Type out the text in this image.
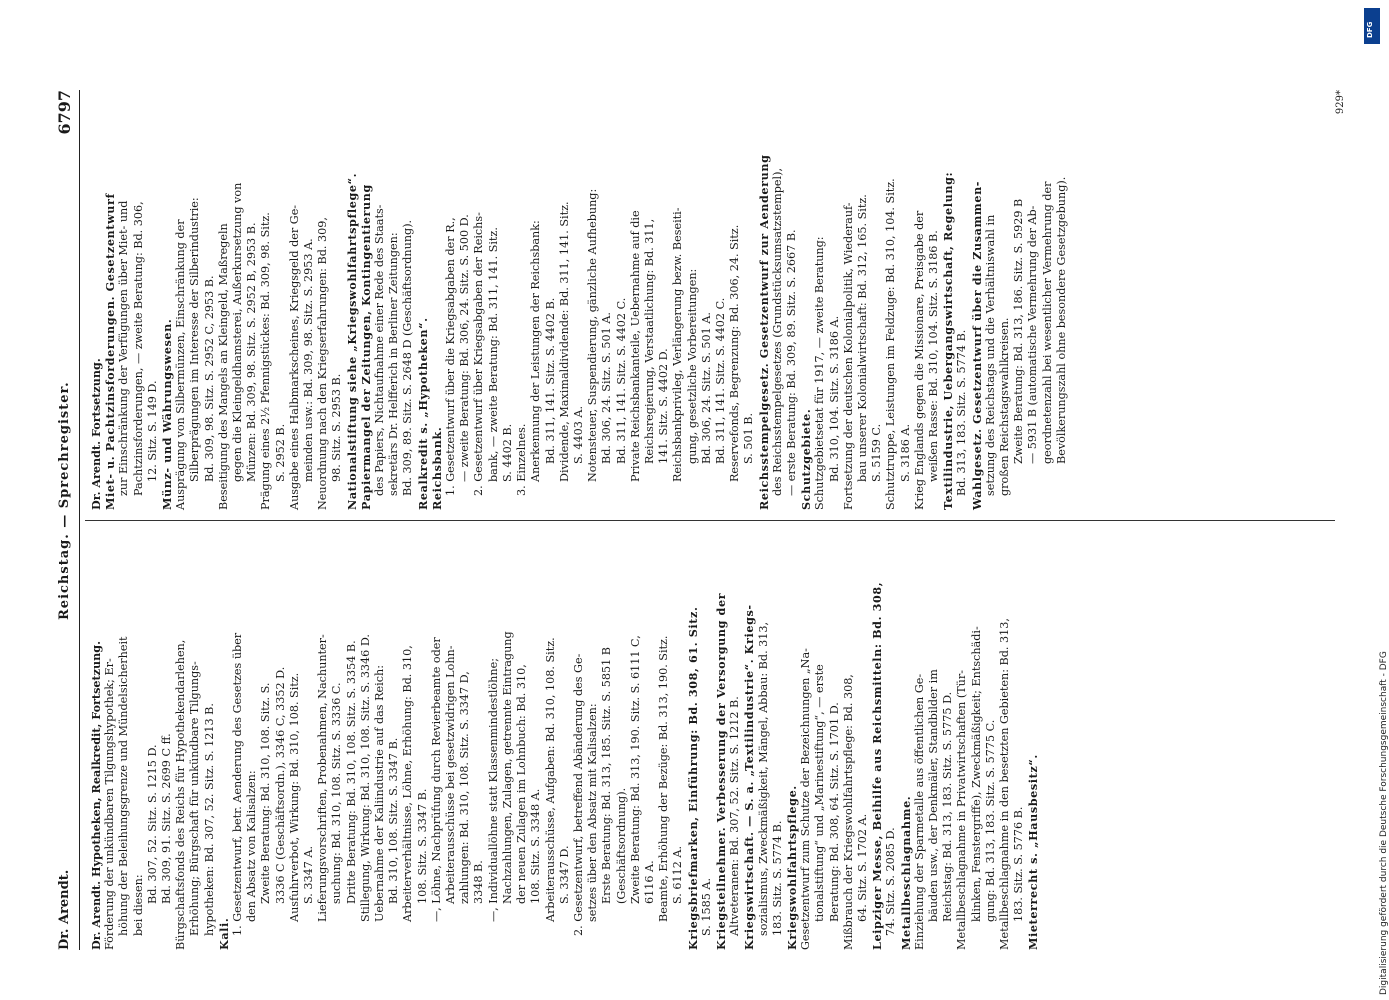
Dr. Arendt.
Reichstag. — Sprechregister.
6797
Dr. Arendt. Hypotheken, Realkredit, Fortsetzung. Förderung der unkündbaren Tilgungshypothek; Er- höhung der Beleihungsgrenze und Mündelsicherheit bei diesen:
Bd. 307, 52. Sitz. S. 1215 D. Bd. 309, 91. Sitz. S. 2699 C ff. Bürgschaftsfonds des Reichs für Hypothekendarlehen, Erhöhung; Bürgschaft für unkündbare Tilgungs- hypotheken: Bd. 307, 52. Sitz. S. 1213 B. Kali. 1. Gesetzentwurf, betr. Aenderung des Gesetzes über den Absatz von Kalisalzen: Zweite Beratung: Bd. 310, 108. Sitz. S. 3336 C (Geschäftsordn.), 3346 C, 3352 D. Ausfuhrverbot, Wirkung: Bd. 310, 108. Sitz. S. 3347 A. Lieferungsvorschriften, Probenahmen, Nachunter- suchung: Bd. 310, 108. Sitz. S. 3336 C. Dritte Beratung: Bd. 310, 108. Sitz. S. 3354 B. Stillegung, Wirkung: Bd. 310, 108. Sitz. S. 3346 D. Uebernahme der Kaliindustrie auf das Reich: Bd. 310, 108. Sitz. S. 3347 B. Arbeiterverhältnisse, Löhne, Erhöhung: Bd. 310, 108. Sitz. S. 3347 B. —, Löhne, Nachprüfung durch Revierbeamte oder Arbeiterausschüsse bei gesetzwidrigen Lohn- zahlungen: Bd. 310, 108. Sitz. S. 3347 D, 3348 B. —, Individuallöhne statt Klassenmindestlöhne; Nachzahlungen, Zulagen, getrennte Eintragung der neuen Zulagen im Lohnbuch: Bd. 310, 108. Sitz. S. 3348 A. Arbeiterausschüsse, Aufgaben: Bd. 310, 108. Sitz. S. 3347 D. 2. Gesetzentwurf, betreffend Abänderung des Ge- setzes über den Absatz mit Kalisalzen: Erste Beratung: Bd. 313, 185. Sitz. S. 5851 B (Geschäftsordnung). Zweite Beratung: Bd. 313, 190. Sitz. S. 6111 C, 6116 A. Beamte, Erhöhung der Bezüge: Bd. 313, 190. Sitz. S. 6112 A. Kriegsbriefmarken, Einführung: Bd. 308, 61. Sitz. S. 1585 A. Kriegsteilnehmer. Verbesserung der Versorgung der Altveteranen: Bd. 307, 52. Sitz. S. 1212 B. Kriegswirtschaft. — S. a. „Textilindustrie“. Kriegs- sozialismus, Zweckmäßigkeit, Mängel, Abbau: Bd. 313, 183. Sitz. S. 5774 B. Kriegswohlfahrtspflege. Gesetzentwurf zum Schutze der Bezeichnungen „Na- tionalstiftung“ und „Marinestiftung“, — erste Beratung: Bd. 308, 64. Sitz. S. 1701 D. Mißbrauch der Kriegswohlfahrtspflege: Bd. 308, 64. Sitz. S. 1702 A. Leipziger Messe, Beihilfe aus Reichsmitteln: Bd. 308, 74. Sitz. S. 2085 D. Metallbeschlagnahme. Einziehung der Sparmetalle aus öffentlichen Ge- bäuden usw., der Denkmäler, Standbilder im Reichstag: Bd. 313, 183. Sitz. S. 5775 D. Metallbeschlagnahme in Privatwirtschaften (Tür- klinken, Fenstergriffe), Zweckmäßigkeit; Entschädi- gung: Bd. 313, 183. Sitz. S. 5775 C. Metallbeschlagnahme in den besetzten Gebieten: Bd. 313, 183. Sitz. S. 5776 B. Mieterrecht s. „Hausbesitz“.
Dr. Arendt. Fortsetzung. Miet- u. Pachtzinsforderungen. Gesetzentwurf zur Einschränkung der Verfügungen über Miet- und Pachtzinsforderungen, — zweite Beratung: Bd. 306, 12. Sitz. S. 149 D. Münz- und Währungswesen. Ausprägung von Silbermünzen, Einschränkung der Silberprägungen im Interesse der Silberindustrie: Bd. 309, 98. Sitz. S. 2952 C, 2953 B. Beseitigung des Mangels an Kleingeld, Maßregeln gegen die Kleingeldhamsterei, Außerkursetzung von Münzen: Bd. 309, 98. Sitz. S. 2952 B, 2953 B. Prägung eines 2½ Pfennigstückes: Bd. 309, 98. Sitz. S. 2952 B. Ausgabe eines Halbmarkscheines, Kriegsgeld der Ge- meinden usw.: Bd. 309, 98. Sitz. S. 2953 A. Neuordnung nach den Kriegserfahrungen: Bd. 309, 98. Sitz. S. 2953 B. Nationalstiftung siehe „Kriegswohlfahrtspflege“. Papiermangel der Zeitungen, Kontingentierung des Papiers, Nichtaufnahme einer Rede des Staats- sekretärs Dr. Helfferich in Berliner Zeitungen: Bd. 309, 89. Sitz. S. 2648 D (Geschäftsordnung). Realkredit s. „Hypotheken“. Reichsbank. 1. Gesetzentwurf über die Kriegsabgaben der R., — zweite Beratung: Bd. 306, 24. Sitz. S. 500 D. 2. Gesetzentwurf über Kriegsabgaben der Reichs- bank, — zweite Beratung: Bd. 311, 141. Sitz. S. 4402 B. 3. Einzelnes. Anerkennung der Leistungen der Reichsbank: Bd. 311, 141. Sitz. S. 4402 B. Dividende, Maximaldividende: Bd. 311, 141. Sitz. S. 4403 A. Notensteuer, Suspendierung, gänzliche Aufhebung: Bd. 306, 24. Sitz. S. 501 A. Bd. 311, 141. Sitz. S. 4402 C. Private Reichsbankanteile, Uebernahme auf die Reichsregierung, Verstaatlichung: Bd. 311, 141. Sitz. S. 4402 D. Reichsbankprivileg, Verlängerung bezw. Beseiti- gung, gesetzliche Vorbereitungen: Bd. 306, 24. Sitz. S. 501 A. Bd. 311, 141. Sitz. S. 4402 C. Reservefonds, Begrenzung: Bd. 306, 24. Sitz. S. 501 B. Reichsstempelgesetz. Gesetzentwurf zur Aenderung des Reichsstempelgesetzes (Grundstücksumsatzstempel), — erste Beratung: Bd. 309, 89. Sitz. S. 2667 B. Schutzgebiete. Schutzgebietsetat für 1917, — zweite Beratung: Bd. 310, 104. Sitz. S. 3186 A. Fortsetzung der deutschen Kolonialpolitik, Wiederauf- bau unserer Kolonialwirtschaft: Bd. 312, 165. Sitz. S. 5159 C. Schutztruppe, Leistungen im Feldzuge: Bd. 310, 104. Sitz. S. 3186 A. Krieg Englands gegen die Missionare, Preisgabe der weißen Rasse: Bd. 310, 104. Sitz. S. 3186 B. Textilindustrie, Uebergangswirtschaft, Regelung: Bd. 313, 183. Sitz. S. 5774 B. Wahlgesetz. Gesetzentwurf über die Zusammen- setzung des Reichstags und die Verhältniswahl in großen Reichstagswahlkreisen. Zweite Beratung: Bd. 313, 186. Sitz. S. 5929 B — 5931 B (automatische Vermehrung der Ab- geordnetenzahl bei wesentlicher Vermehrung der Bevölkerungszahl ohne besondere Gesetzgebung).
929*
Digitalisierung gefördert durch die Deutsche Forschungsgemeinschaft - DFG
DFG
